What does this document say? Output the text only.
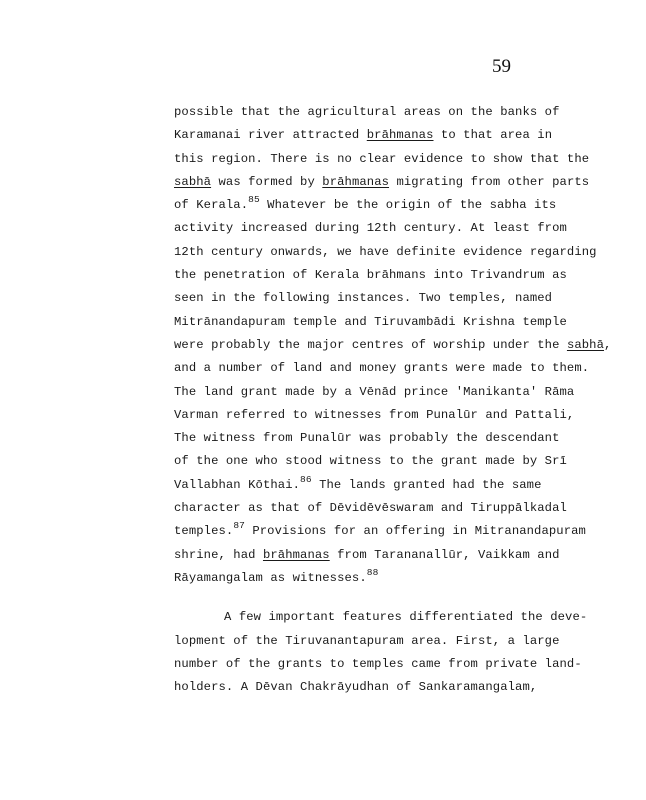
59
possible that the agricultural areas on the banks of
Karamanai river attracted brāhmanas to that area in
this region. There is no clear evidence to show that the
sabhā was formed by brāhmanas migrating from other parts
of Kerala.$^{85}$ Whatever be the origin of the sabha its
activity increased during 12th century. At least from
12th century onwards, we have definite evidence regarding
the penetration of Kerala brāhmans into Trivandrum as
seen in the following instances. Two temples, named
Mitrānandapuram temple and Tiruvambādi Krishna temple
were probably the major centres of worship under the sabhā,
and a number of land and money grants were made to them.
The land grant made by a Vēnād prince 'Manikanta' Rāma
Varman referred to witnesses from Punalūr and Pattali,
The witness from Punalūr was probably the descendant
of the one who stood witness to the grant made by Srī
Vallabhan Kōthai.$^{86}$ The lands granted had the same
character as that of Dēvidēvēswaram and Tiruppālkadal
temples.$^{87}$ Provisions for an offering in Mitranandapuram
shrine, had brāhmanas from Tarananallūr, Vaikkam and
Rāyamangalam as witnesses.$^{88}$
A few important features differentiated the deve-
lopment of the Tiruvanantapuram area. First, a large
number of the grants to temples came from private land-
holders. A Dēvan Chakrāyudhan of Sankaramangalam,
